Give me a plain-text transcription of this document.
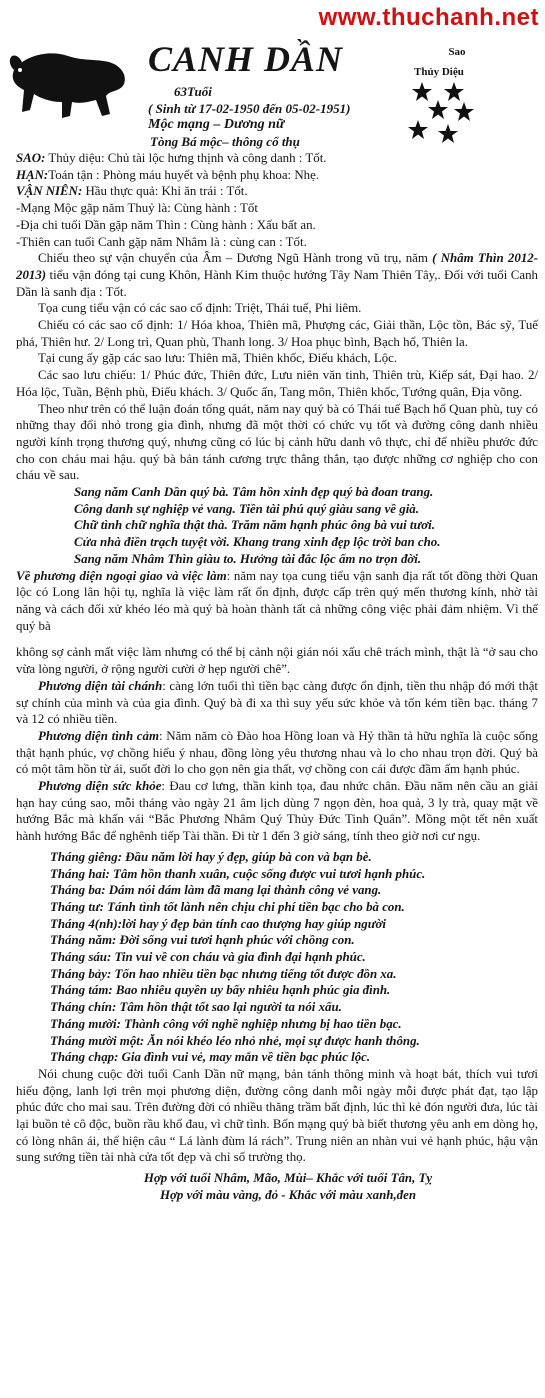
www.thuchanh.net
CANH DẦN
63Tuổi
( Sinh từ 17-02-1950 đến 05-02-1951)
Mộc mạng – Dương nữ
Tòng Bá mộc– thông cổ thụ
Sao
Thủy Diệu

SAO: Thủy diệu: Chủ tài lộc hưng thịnh và công danh : Tốt.

HẠN:Toán tận : Phòng máu huyết và bệnh phụ khoa: Nhẹ.

VẬN NIÊN: Hầu thực quả: Khỉ ăn trái : Tốt.

-Mạng Mộc gặp năm Thuỷ là: Cùng hành : Tốt

-Địa chi tuổi Dần gặp năm Thìn : Cùng hành : Xấu bất an.

-Thiên can tuổi Canh gặp năm Nhâm là : cùng can : Tốt.

Chiếu theo sự vận chuyển của Âm – Dương Ngũ Hành trong vũ trụ, năm ( Nhâm Thìn 2012-2013) tiểu vận đóng tại cung Khôn, Hành Kim thuộc hướng Tây Nam Thiên Tây,. Đối với tuổi Canh Dần là sanh địa : Tốt.

Tọa cung tiểu vận có các sao cố định: Triệt, Thái tuế, Phi liêm.

Chiếu có các sao cố định: 1/ Hóa khoa, Thiên mã, Phượng các, Giải thần, Lộc tồn, Bác sỹ, Tuế phá, Thiên hư. 2/ Long trì, Quan phù, Thanh long. 3/ Hoa phục bình, Bạch hổ, Thiên la.

Tại cung ấy gặp các sao lưu: Thiên mã, Thiên khốc, Điếu khách, Lộc.

Các sao lưu chiếu: 1/ Phúc đức, Thiên đức, Lưu niên văn tinh, Thiên trù, Kiếp sát, Đại hao. 2/ Hóa lộc, Tuần, Bệnh phù, Điếu khách. 3/ Quốc ấn, Tang môn, Thiên khốc, Tướng quân, Địa võng.

Theo như trên có thể luận đoán tổng quát, năm nay quý bà có Thái tuế Bạch hổ Quan phù, tuy có những thay đổi nhỏ trong gia đình, nhưng đã một thời có chức vụ tốt và đường công danh nhiều người kính trọng thương quý, nhưng cũng có lúc bị cảnh hữu danh vô thực, chỉ để nhiều phước đức cho con cháu mai hậu. quý bà bản tánh cương trực thẳng thắn, tạo được những cơ nghiệp cho con cháu về sau.

Sang năm Canh Dần quý bà. Tâm hồn xinh đẹp quý bà đoan trang.

Công danh sự nghiệp vẻ vang. Tiền tài phú quý giàu sang về già.

Chữ tình chữ nghĩa thật thà. Trăm năm hạnh phúc ông bà vui tươi.

Cửa nhà điền trạch tuyệt vời. Khang trang xinh đẹp lộc trời ban cho.

Sang năm Nhâm Thìn giàu to. Hưởng tài đắc lộc ấm no trọn đời.

Về phương diện ngoại giao và việc làm: năm nay tọa cung tiểu vận sanh địa rất tốt đồng thời Quan lộc có Long lân hội tụ, nghĩa là việc làm rất ổn định, được cấp trên quý mến thương kính, nhờ tài năng và cách đối xử khéo léo mà quý bà hoàn thành tất cả những công việc phải đảm nhiệm. Vì thế quý bà

không sợ cảnh mất việc làm nhưng có thể bị cảnh nội gián nói xấu chê trách mình, thật là “ở sau cho vừa lòng người, ở rộng người cười ở hẹp người chê”.

Phương diện tài chánh: càng lớn tuổi thì tiền bạc càng được ổn định, tiền thu nhập đó mới thật sự chính của mình và của gia đình. Quý bà đi xa thì suy yếu sức khỏe và tốn kém tiền bạc. tháng 7 và 12 có nhiều tiền.

Phương diện tình cảm: Năm năm cò Đào hoa Hồng loan và Hỷ thần tả hữu nghĩa là cuộc sống thật hạnh phúc, vợ chồng hiểu ý nhau, đồng lòng yêu thương nhau và lo cho nhau trọn đời. Quý bà có một tâm hồn từ ái, suốt đời lo cho gọn nên gia thất, vợ chồng con cái được đầm ấm hạnh phúc.

Phương diện sức khỏe: Đau cơ lưng, thần kinh tọa, đau nhức chân. Đầu năm nên cầu an giải hạn hay cúng sao, mỗi tháng vào ngày 21 âm lịch dùng 7 ngọn đèn, hoa quả, 3 ly trà, quay mặt về hướng Bắc mà khấn vái “Bắc Phương Nhâm Quý Thủy Đức Tinh Quân”. Mồng một tết nên xuất hành hướng Bắc để nghênh tiếp Tài thần. Đi từ 1 đến 3 giờ sáng, tính theo giờ nơi cư ngụ.

Tháng giêng: Đầu năm lời hay ý đẹp, giúp bà con và bạn bè.

Tháng hai: Tâm hồn thanh xuân, cuộc sống được vui tươi hạnh phúc.

Tháng ba: Dám nói dám làm đã mang lại thành công vẻ vang.

Tháng tư: Tánh tình tốt lành nên chịu chi phí tiền bạc cho bà con.

Tháng 4(nh):lời hay ý đẹp bản tính cao thượng hay giúp người

Tháng năm: Đời sống vui tươi hạnh phúc với chồng con.

Tháng sáu: Tin vui về con cháu và gia đình đại hạnh phúc.

Tháng bảy: Tốn hao nhiều tiền bạc nhưng tiếng tốt được đồn xa.

Tháng tám: Bao nhiêu quyền uy bấy nhiêu hạnh phúc gia đình.

Tháng chín: Tâm hồn thật tốt sao lại người ta nói xấu.

Tháng mười: Thành công với nghề nghiệp nhưng bị hao tiền bạc.

Tháng mười một: Ăn nói khéo léo nhỏ nhẻ, mọi sự được hanh thông.

Tháng chạp: Gia đình vui vẻ, may mắn về tiền bạc phúc lộc.

Nói chung cuộc đời tuổi Canh Dần nữ mạng, bản tánh thông minh và hoạt bát, thích vui tươi hiếu động, lanh lợi trên mọi phương diện, đường công danh mỗi ngày mỗi được phát đạt, tạo lập phúc đức cho mai sau. Trên đường đời có nhiều thăng trầm bất định, lúc thì kẻ đón người đưa, lúc tài lại buồn tẻ cô độc, buồn rầu khổ đau, vì chữ tình. Bốn mạng quý bà biết thương yêu anh em dòng họ, có lòng nhân ái, thể hiện câu “ Lá lành đùm lá rách”. Trung niên an nhàn vui vẻ hạnh phúc, hậu vận sung sướng tiền tài nhà cửa tốt đẹp và chỉ số trường thọ.

Hợp với tuổi Nhâm, Mão, Mùi– Khắc với tuổi Tân, Tỵ

Hợp với màu vàng, đỏ - Khắc với màu xanh,đen
